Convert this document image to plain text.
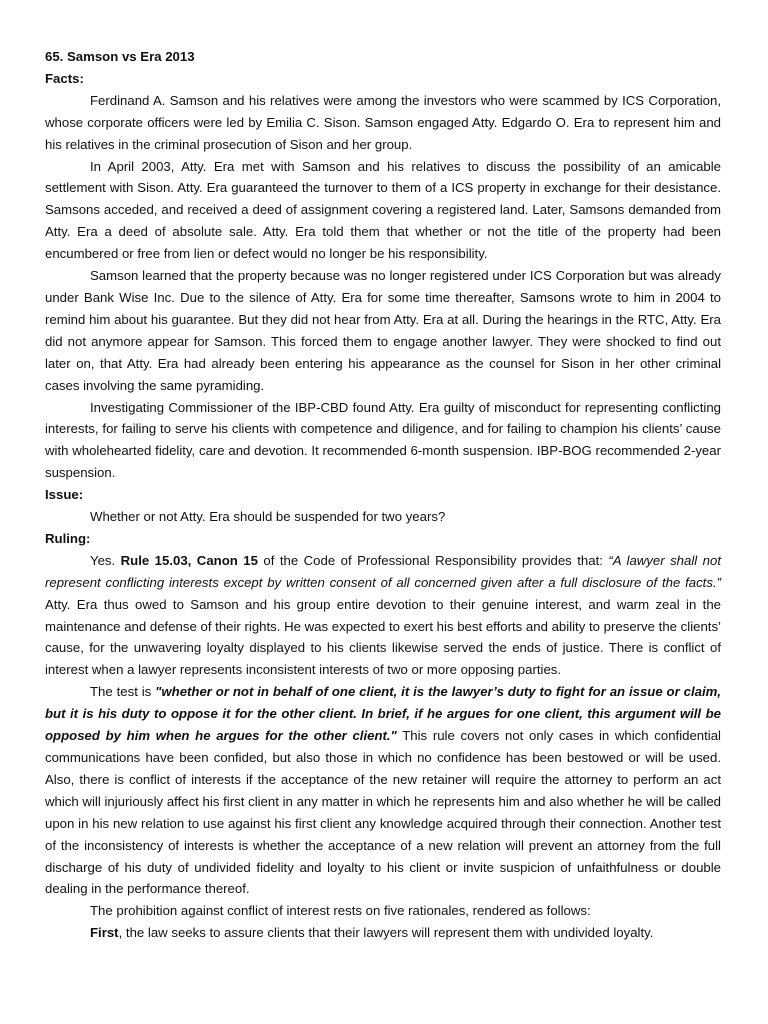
65. Samson vs Era 2013

Facts:

Ferdinand A. Samson and his relatives were among the investors who were scammed by ICS Corporation, whose corporate officers were led by Emilia C. Sison. Samson engaged Atty. Edgardo O. Era to represent him and his relatives in the criminal prosecution of Sison and her group.

In April 2003, Atty. Era met with Samson and his relatives to discuss the possibility of an amicable settlement with Sison. Atty. Era guaranteed the turnover to them of a ICS property in exchange for their desistance. Samsons acceded, and received a deed of assignment covering a registered land. Later, Samsons demanded from Atty. Era a deed of absolute sale. Atty. Era told them that whether or not the title of the property had been encumbered or free from lien or defect would no longer be his responsibility.

Samson learned that the property because was no longer registered under ICS Corporation but was already under Bank Wise Inc. Due to the silence of Atty. Era for some time thereafter, Samsons wrote to him in 2004 to remind him about his guarantee. But they did not hear from Atty. Era at all. During the hearings in the RTC, Atty. Era did not anymore appear for Samson. This forced them to engage another lawyer. They were shocked to find out later on, that Atty. Era had already been entering his appearance as the counsel for Sison in her other criminal cases involving the same pyramiding.

Investigating Commissioner of the IBP-CBD found Atty. Era guilty of misconduct for representing conflicting interests, for failing to serve his clients with competence and diligence, and for failing to champion his clients’ cause with wholehearted fidelity, care and devotion. It recommended 6-month suspension. IBP-BOG recommended 2-year suspension.

Issue:

Whether or not Atty. Era should be suspended for two years?

Ruling:

Yes. Rule 15.03, Canon 15 of the Code of Professional Responsibility provides that: “A lawyer shall not represent conflicting interests except by written consent of all concerned given after a full disclosure of the facts.” Atty. Era thus owed to Samson and his group entire devotion to their genuine interest, and warm zeal in the maintenance and defense of their rights. He was expected to exert his best efforts and ability to preserve the clients’ cause, for the unwavering loyalty displayed to his clients likewise served the ends of justice. There is conflict of interest when a lawyer represents inconsistent interests of two or more opposing parties.

The test is "whether or not in behalf of one client, it is the lawyer’s duty to fight for an issue or claim, but it is his duty to oppose it for the other client. In brief, if he argues for one client, this argument will be opposed by him when he argues for the other client." This rule covers not only cases in which confidential communications have been confided, but also those in which no confidence has been bestowed or will be used. Also, there is conflict of interests if the acceptance of the new retainer will require the attorney to perform an act which will injuriously affect his first client in any matter in which he represents him and also whether he will be called upon in his new relation to use against his first client any knowledge acquired through their connection. Another test of the inconsistency of interests is whether the acceptance of a new relation will prevent an attorney from the full discharge of his duty of undivided fidelity and loyalty to his client or invite suspicion of unfaithfulness or double dealing in the performance thereof.

The prohibition against conflict of interest rests on five rationales, rendered as follows:

First, the law seeks to assure clients that their lawyers will represent them with undivided loyalty.
